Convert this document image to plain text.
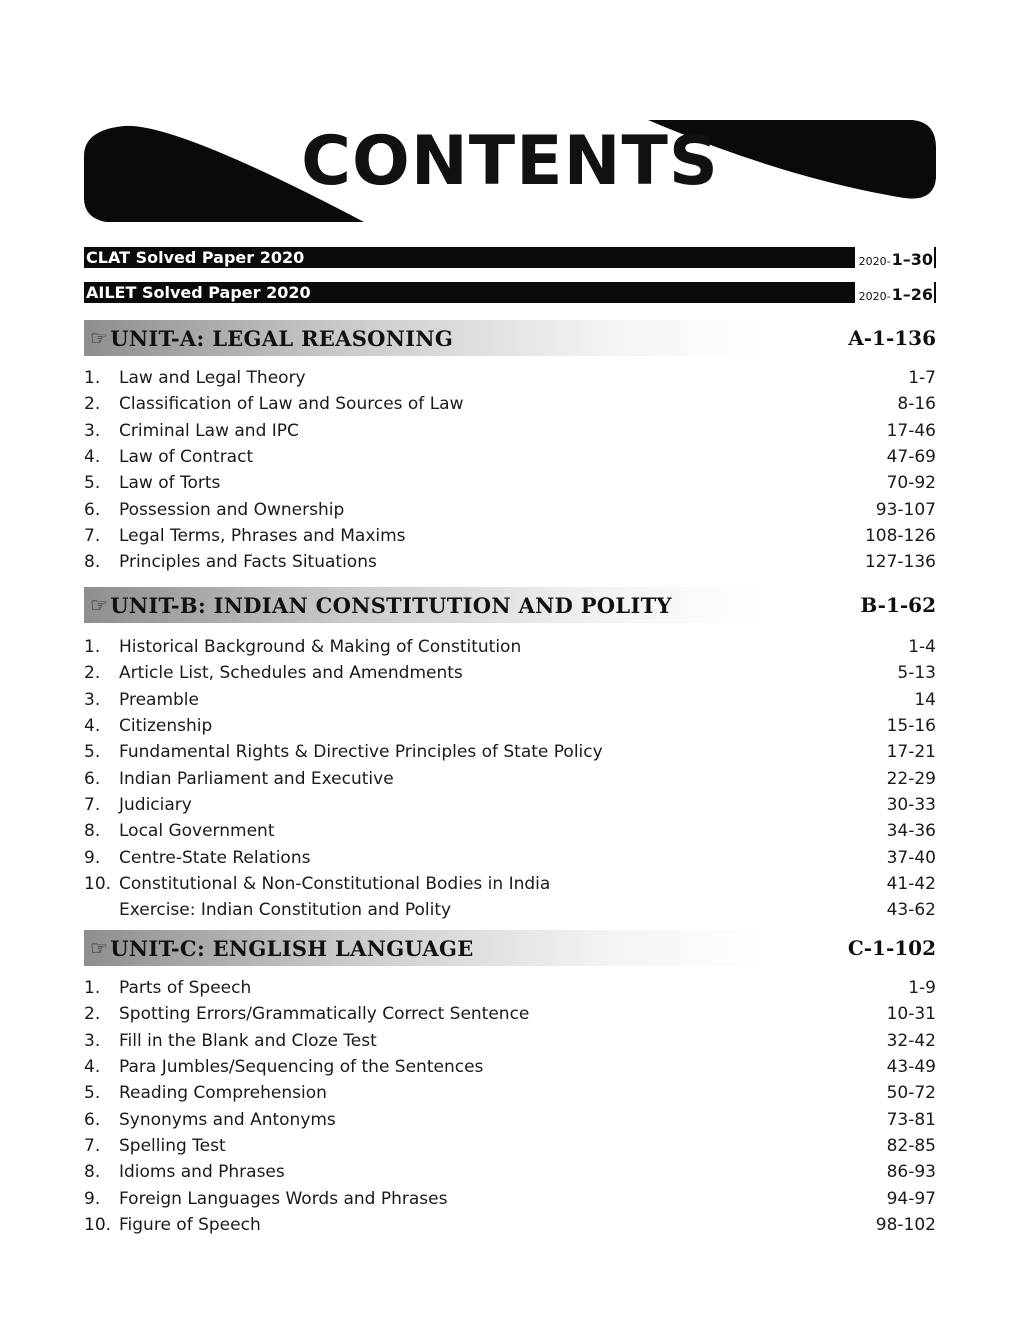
CONTENTS
CLAT Solved Paper 2020	2020- 1–30
AILET Solved Paper 2020	2020- 1–26
☞ UNIT-A: LEGAL REASONING	A-1-136
1.	Law and Legal Theory	1-7
2.	Classification of Law and Sources of Law	8-16
3.	Criminal Law and IPC	17-46
4.	Law of Contract	47-69
5.	Law of Torts	70-92
6.	Possession and Ownership	93-107
7.	Legal Terms, Phrases and Maxims	108-126
8.	Principles and Facts Situations	127-136
☞ UNIT-B: INDIAN CONSTITUTION AND POLITY	B-1-62
1.	Historical Background & Making of Constitution	1-4
2.	Article List, Schedules and Amendments	5-13
3.	Preamble	14
4.	Citizenship	15-16
5.	Fundamental Rights & Directive Principles of State Policy	17-21
6.	Indian Parliament and Executive	22-29
7.	Judiciary	30-33
8.	Local Government	34-36
9.	Centre-State Relations	37-40
10. Constitutional & Non-Constitutional Bodies in India	41-42
Exercise: Indian Constitution and Polity	43-62
☞ UNIT-C: ENGLISH LANGUAGE	C-1-102
1.	Parts of Speech	1-9
2.	Spotting Errors/Grammatically Correct Sentence	10-31
3.	Fill in the Blank and Cloze Test	32-42
4.	Para Jumbles/Sequencing of the Sentences	43-49
5.	Reading Comprehension	50-72
6.	Synonyms and Antonyms	73-81
7.	Spelling Test	82-85
8.	Idioms and Phrases	86-93
9.	Foreign Languages Words and Phrases	94-97
10. Figure of Speech	98-102
